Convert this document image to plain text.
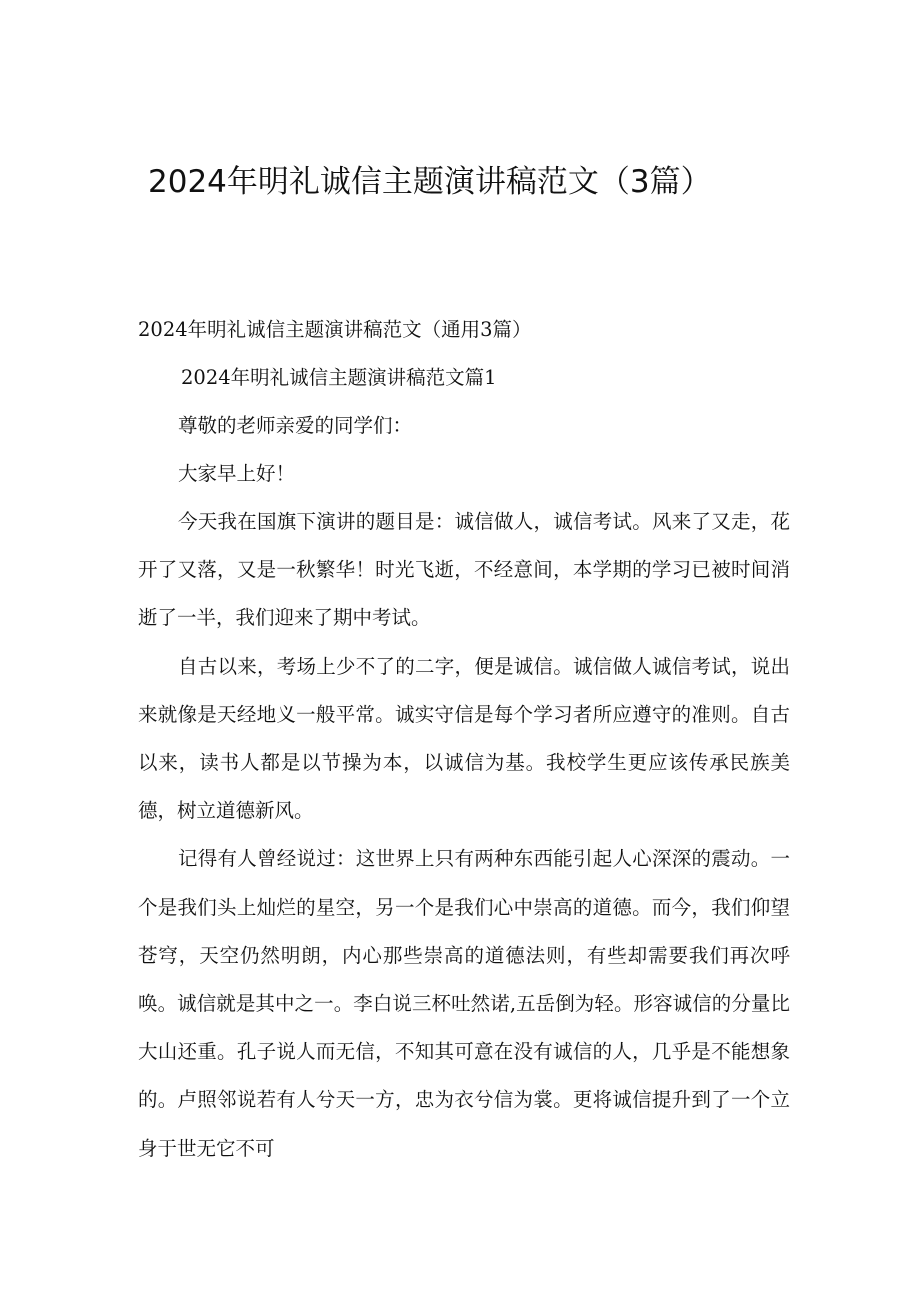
2024年明礼诚信主题演讲稿范文（3篇）

2024年明礼诚信主题演讲稿范文（通用3篇）

2024年明礼诚信主题演讲稿范文篇1

尊敬的老师亲爱的同学们：

大家早上好！

今天我在国旗下演讲的题目是：诚信做人，诚信考试。风来了又走，花开了又落，又是一秋繁华！时光飞逝，不经意间，本学期的学习已被时间消逝了一半，我们迎来了期中考试。

自古以来，考场上少不了的二字，便是诚信。诚信做人诚信考试，说出来就像是天经地义一般平常。诚实守信是每个学习者所应遵守的准则。自古以来，读书人都是以节操为本，以诚信为基。我校学生更应该传承民族美德，树立道德新风。

记得有人曾经说过：这世界上只有两种东西能引起人心深深的震动。一个是我们头上灿烂的星空，另一个是我们心中崇高的道德。而今，我们仰望苍穹，天空仍然明朗，内心那些崇高的道德法则，有些却需要我们再次呼唤。诚信就是其中之一。李白说三杯吐然诺,五岳倒为轻。形容诚信的分量比大山还重。孔子说人而无信，不知其可意在没有诚信的人，几乎是不能想象的。卢照邻说若有人兮天一方，忠为衣兮信为裳。更将诚信提升到了一个立身于世无它不可
